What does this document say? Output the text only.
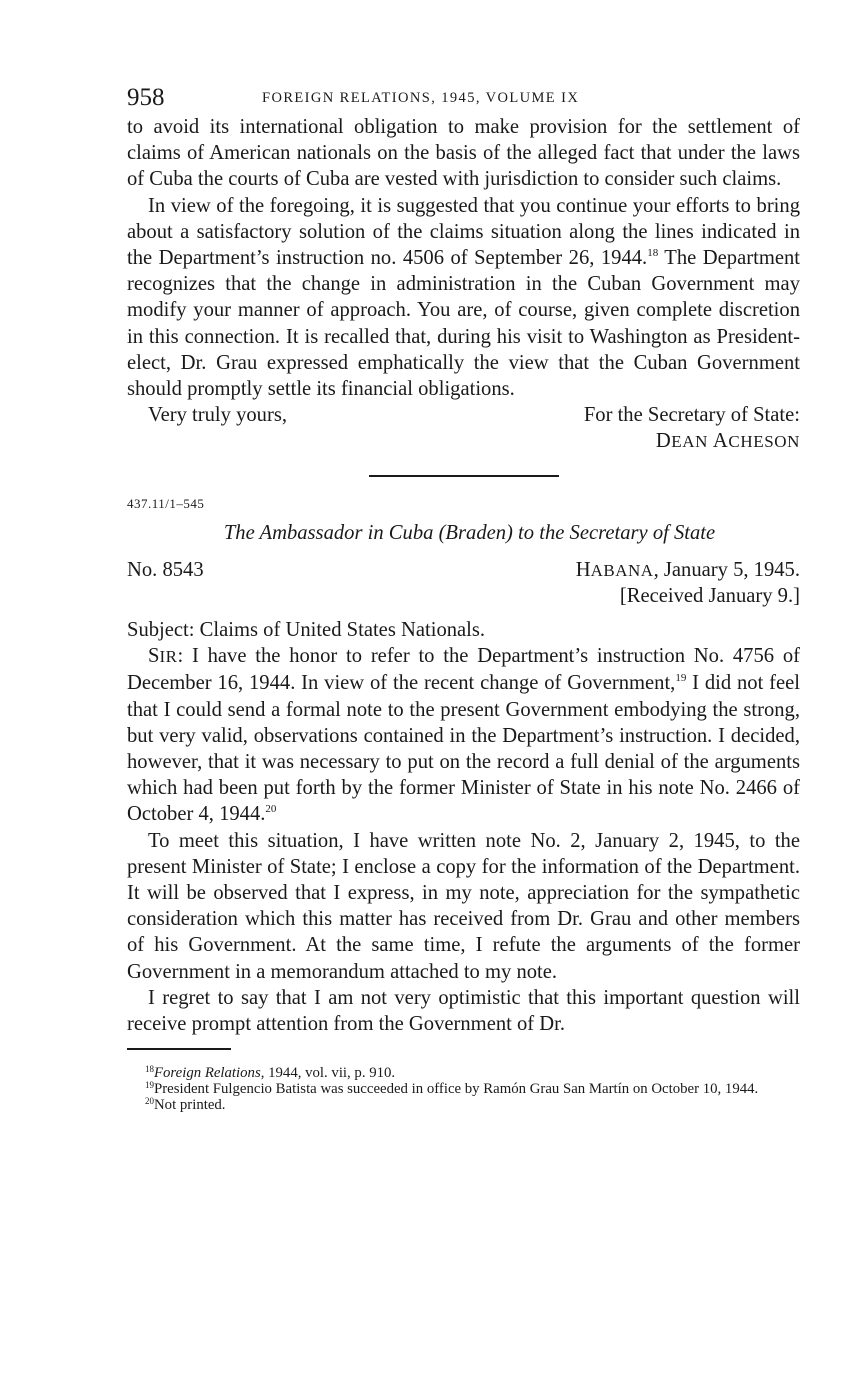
958	FOREIGN RELATIONS, 1945, VOLUME IX

to avoid its international obligation to make provision for the settlement of claims of American nationals on the basis of the alleged fact that under the laws of Cuba the courts of Cuba are vested with jurisdiction to consider such claims.

In view of the foregoing, it is suggested that you continue your efforts to bring about a satisfactory solution of the claims situation along the lines indicated in the Department’s instruction no. 4506 of September 26, 1944.18 The Department recognizes that the change in administration in the Cuban Government may modify your manner of approach. You are, of course, given complete discretion in this connection. It is recalled that, during his visit to Washington as President-elect, Dr. Grau expressed emphatically the view that the Cuban Government should promptly settle its financial obligations.

Very truly yours,	For the Secretary of State:
DEAN ACHESON
437.11/1–545
The Ambassador in Cuba (Braden) to the Secretary of State
No. 8543	HABANA, January 5, 1945.
[Received January 9.]
Subject: Claims of United States Nationals.

SIR: I have the honor to refer to the Department’s instruction No. 4756 of December 16, 1944. In view of the recent change of Government,$^{19}$ I did not feel that I could send a formal note to the present Government embodying the strong, but very valid, observations contained in the Department’s instruction. I decided, however, that it was necessary to put on the record a full denial of the arguments which had been put forth by the former Minister of State in his note No. 2466 of October 4, 1944.20

To meet this situation, I have written note No. 2, January 2, 1945, to the present Minister of State; I enclose a copy for the information of the Department. It will be observed that I express, in my note, appreciation for the sympathetic consideration which this matter has received from Dr. Grau and other members of his Government. At the same time, I refute the arguments of the former Government in a memorandum attached to my note.

I regret to say that I am not very optimistic that this important question will receive prompt attention from the Government of Dr.

$^{18}$Foreign Relations, 1944, vol. vii, p. 910.

$^{19}$President Fulgencio Batista was succeeded in office by Ramón Grau San Martín on October 10, 1944.

$^{20}$Not printed.
